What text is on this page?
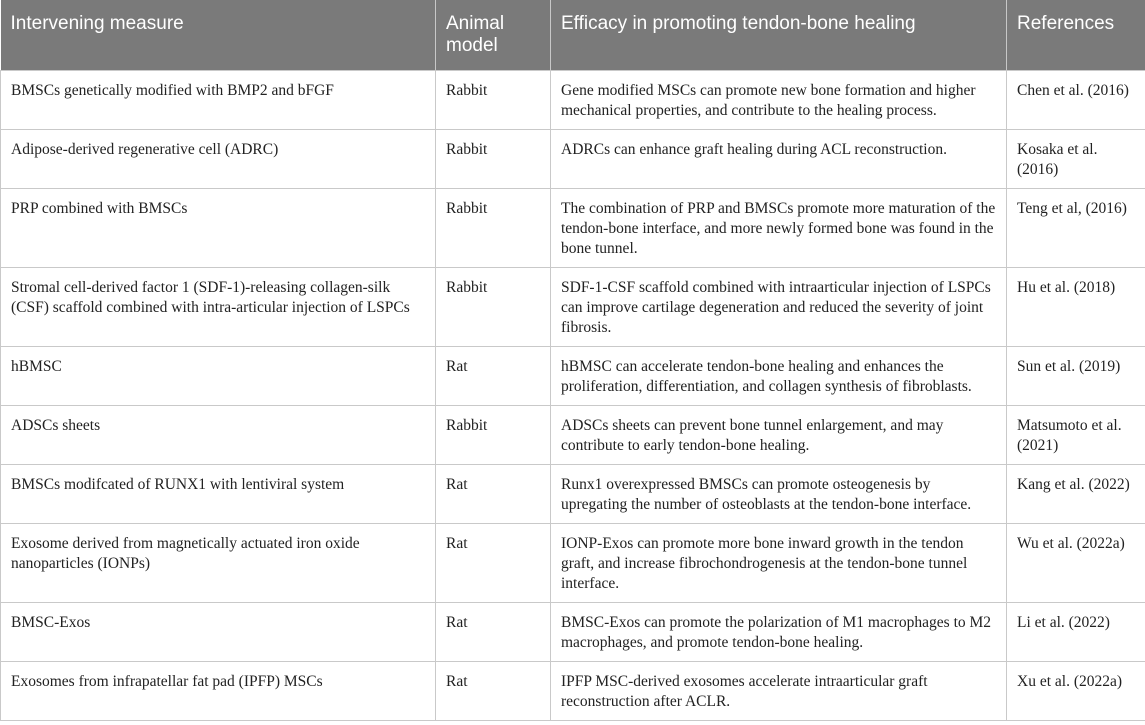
Intervening measure	Animal model	Efficacy in promoting tendon-bone healing	References
BMSCs genetically modified with BMP2 and bFGF	Rabbit	Gene modified MSCs can promote new bone formation and higher mechanical properties, and contribute to the healing process.	Chen et al. (2016)
Adipose-derived regenerative cell (ADRC)	Rabbit	ADRCs can enhance graft healing during ACL reconstruction.	Kosaka et al. (2016)
PRP combined with BMSCs	Rabbit	The combination of PRP and BMSCs promote more maturation of the tendon-bone interface, and more newly formed bone was found in the bone tunnel.	Teng et al, (2016)
Stromal cell-derived factor 1 (SDF-1)-releasing collagen-silk (CSF) scaffold combined with intra-articular injection of LSPCs	Rabbit	SDF-1-CSF scaffold combined with intraarticular injection of LSPCs can improve cartilage degeneration and reduced the severity of joint fibrosis.	Hu et al. (2018)
hBMSC	Rat	hBMSC can accelerate tendon-bone healing and enhances the proliferation, differentiation, and collagen synthesis of fibroblasts.	Sun et al. (2019)
ADSCs sheets	Rabbit	ADSCs sheets can prevent bone tunnel enlargement, and may contribute to early tendon-bone healing.	Matsumoto et al. (2021)
BMSCs modifcated of RUNX1 with lentiviral system	Rat	Runx1 overexpressed BMSCs can promote osteogenesis by upregating the number of osteoblasts at the tendon-bone interface.	Kang et al. (2022)
Exosome derived from magnetically actuated iron oxide nanoparticles (IONPs)	Rat	IONP-Exos can promote more bone inward growth in the tendon graft, and increase fibrochondrogenesis at the tendon-bone tunnel interface.	Wu et al. (2022a)
BMSC-Exos	Rat	BMSC-Exos can promote the polarization of M1 macrophages to M2 macrophages, and promote tendon-bone healing.	Li et al. (2022)
Exosomes from infrapatellar fat pad (IPFP) MSCs	Rat	IPFP MSC-derived exosomes accelerate intraarticular graft reconstruction after ACLR.	Xu et al. (2022a)
